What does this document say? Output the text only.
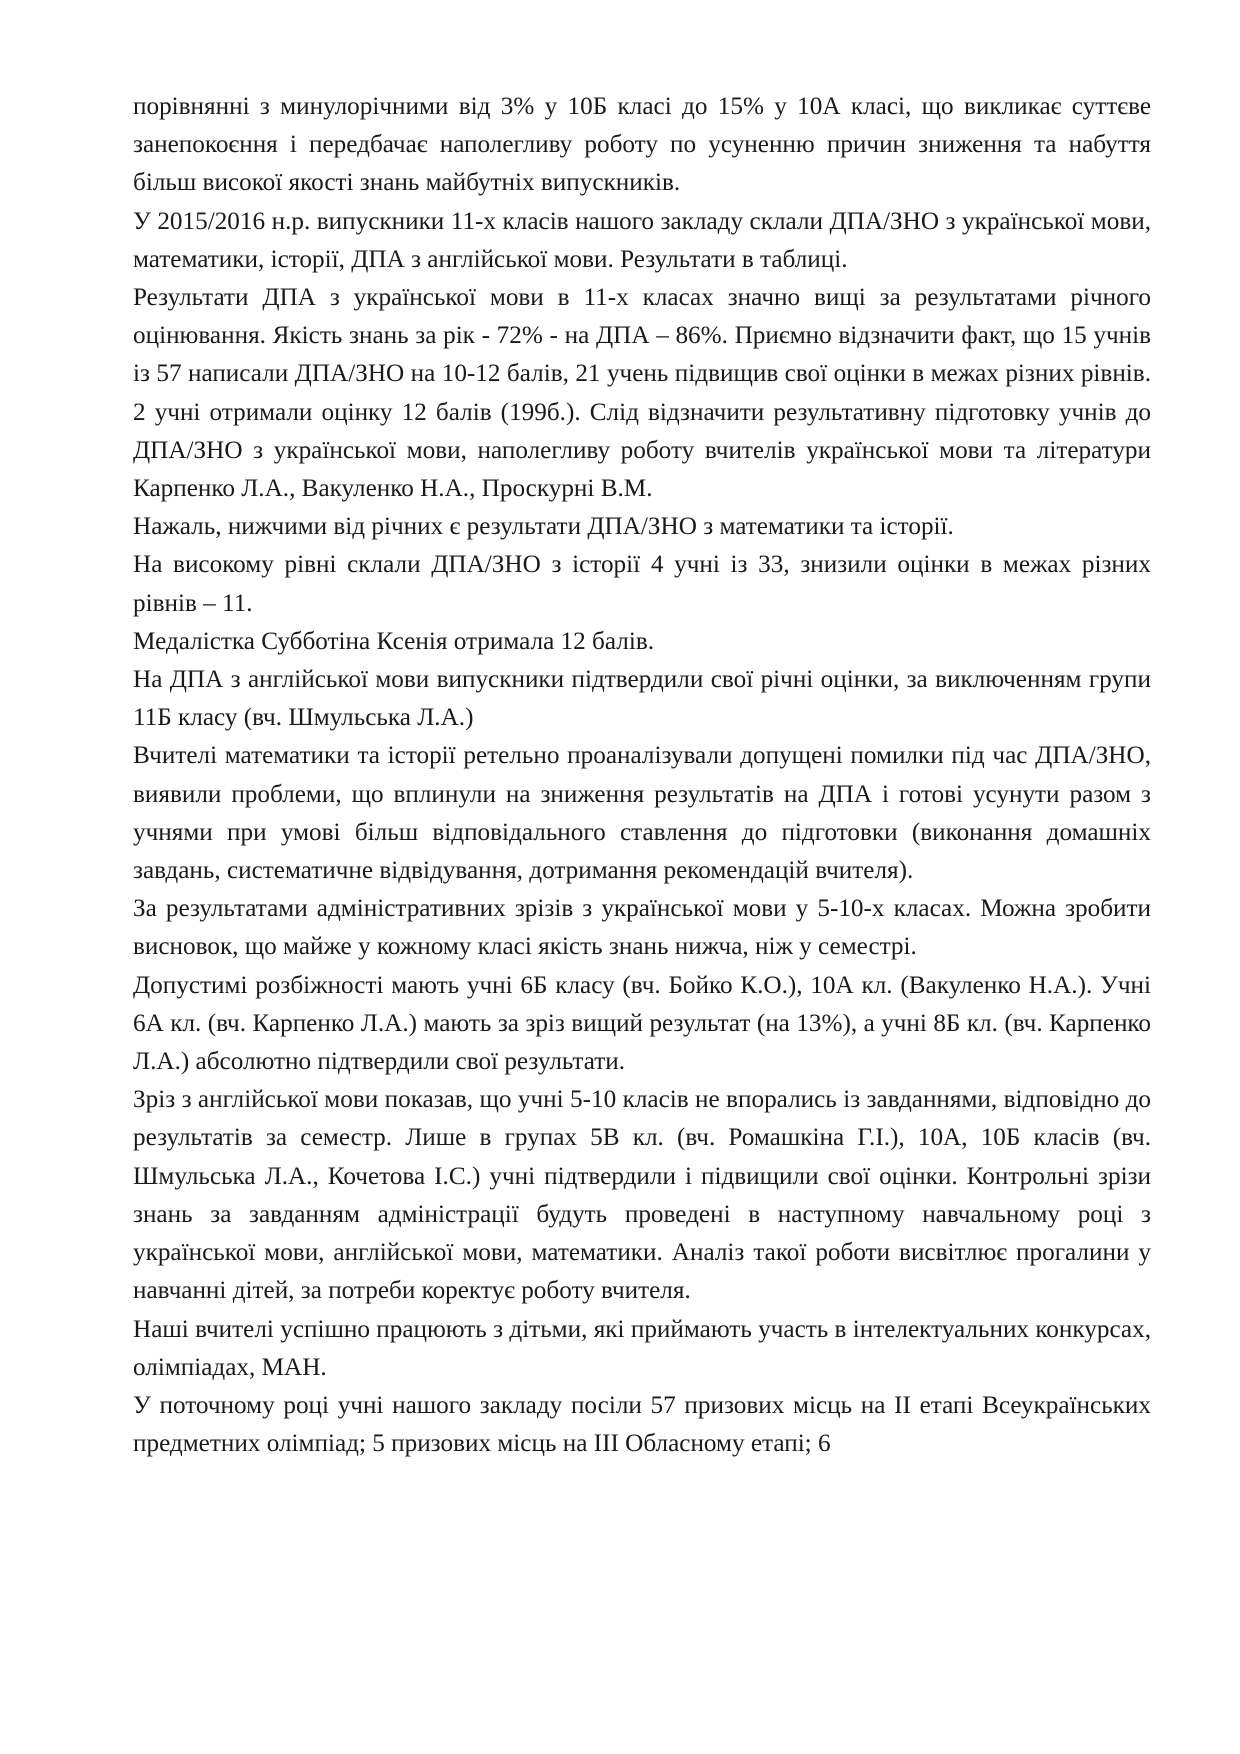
порівнянні з минулорічними від 3% у 10Б класі до 15% у 10А класі, що викликає суттєве занепокоєння і передбачає наполегливу роботу по усуненню причин зниження та набуття більш високої якості знань майбутніх випускників.

У 2015/2016 н.р. випускники 11-х класів нашого закладу склали ДПА/ЗНО з української мови, математики, історії, ДПА з англійської мови. Результати в таблиці.

Результати ДПА з української мови в 11-х класах значно вищі за результатами річного оцінювання. Якість знань за рік - 72% - на ДПА – 86%. Приємно відзначити факт, що 15 учнів із 57 написали ДПА/ЗНО на 10-12 балів, 21 учень підвищив свої оцінки в межах різних рівнів. 2 учні отримали оцінку 12 балів (199б.). Слід відзначити результативну підготовку учнів до ДПА/ЗНО з української мови, наполегливу роботу вчителів української мови та літератури Карпенко Л.А., Вакуленко Н.А., Проскурні В.М.

Нажаль, нижчими від річних є результати ДПА/ЗНО з математики та історії.

На високому рівні склали ДПА/ЗНО з історії 4 учні із 33, знизили оцінки в межах різних рівнів – 11.

Медалістка Субботіна Ксенія отримала 12 балів.

На ДПА з англійської мови випускники підтвердили свої річні оцінки, за виключенням групи 11Б класу (вч. Шмульська Л.А.)

Вчителі математики та історії ретельно проаналізували допущені помилки під час ДПА/ЗНО, виявили проблеми, що вплинули на зниження результатів на ДПА і готові усунути разом з учнями при умові більш відповідального ставлення до підготовки (виконання домашніх завдань, систематичне відвідування, дотримання рекомендацій вчителя).

За результатами адміністративних зрізів з української мови у 5-10-х класах. Можна зробити висновок, що майже у кожному класі якість знань нижча, ніж у семестрі.

Допустимі розбіжності мають учні 6Б класу (вч. Бойко К.О.), 10А кл. (Вакуленко Н.А.). Учні 6А кл. (вч. Карпенко Л.А.) мають за зріз вищий результат (на 13%), а учні 8Б кл. (вч. Карпенко Л.А.) абсолютно підтвердили свої результати.

Зріз з англійської мови показав, що учні 5-10 класів не впорались із завданнями, відповідно до результатів за семестр. Лише в групах 5В кл. (вч. Ромашкіна Г.І.), 10А, 10Б класів (вч. Шмульська Л.А., Кочетова І.С.) учні підтвердили і підвищили свої оцінки. Контрольні зрізи знань за завданням адміністрації будуть проведені в наступному навчальному році з української мови, англійської мови, математики. Аналіз такої роботи висвітлює прогалини у навчанні дітей, за потреби коректує роботу вчителя.

Наші вчителі успішно працюють з дітьми, які приймають участь в інтелектуальних конкурсах, олімпіадах, МАН.

У поточному році учні нашого закладу посіли 57 призових місць на ІІ етапі Всеукраїнських предметних олімпіад; 5 призових місць на ІІІ Обласному етапі; 6
